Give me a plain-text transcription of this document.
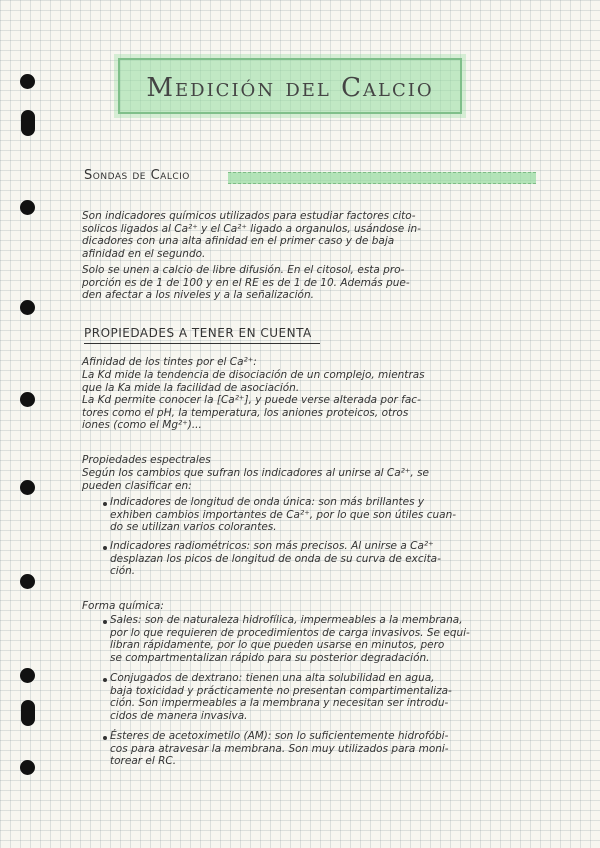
Medición del Calcio
Sondas de Calcio
Son indicadores químicos utilizados para estudiar factores cito-
solicos ligados al Ca²⁺ y el Ca²⁺ ligado a organulos, usándose in-
dicadores con una alta afinidad en el primer caso y de baja
afinidad en el segundo.
Solo se unen a calcio de libre difusión. En el citosol, esta pro-
porción es de 1 de 100 y en el RE es de 1 de 10. Además pue-
den afectar a los niveles y a la señalización.
PROPIEDADES A TENER EN CUENTA
Afinidad de los tintes por el Ca²⁺:
La Kd mide la tendencia de disociación de un complejo, mientras
que la Ka mide la facilidad de asociación.
La Kd permite conocer la [Ca²⁺], y puede verse alterada por fac-
tores como el pH, la temperatura, los aniones proteicos, otros
iones (como el Mg²⁺)...
Propiedades espectrales
Según los cambios que sufran los indicadores al unirse al Ca²⁺, se
pueden clasificar en:
Indicadores de longitud de onda única: son más brillantes y
exhiben cambios importantes de Ca²⁺, por lo que son útiles cuan-
do se utilizan varios colorantes.
Indicadores radiométricos: son más precisos. Al unirse a Ca²⁺
desplazan los picos de longitud de onda de su curva de excita-
ción.
Forma química:
Sales: son de naturaleza hidrofílica, impermeables a la membrana,
por lo que requieren de procedimientos de carga invasivos. Se equi-
libran rápidamente, por lo que pueden usarse en minutos, pero
se compartmentalizan rápido para su posterior degradación.
Conjugados de dextrano: tienen una alta solubilidad en agua,
baja toxicidad y prácticamente no presentan compartimentaliza-
ción. Son impermeables a la membrana y necesitan ser introdu-
cidos de manera invasiva.
Ésteres de acetoximetilo (AM): son lo suficientemente hidrofóbi-
cos para atravesar la membrana. Son muy utilizados para moni-
torear el RC.
